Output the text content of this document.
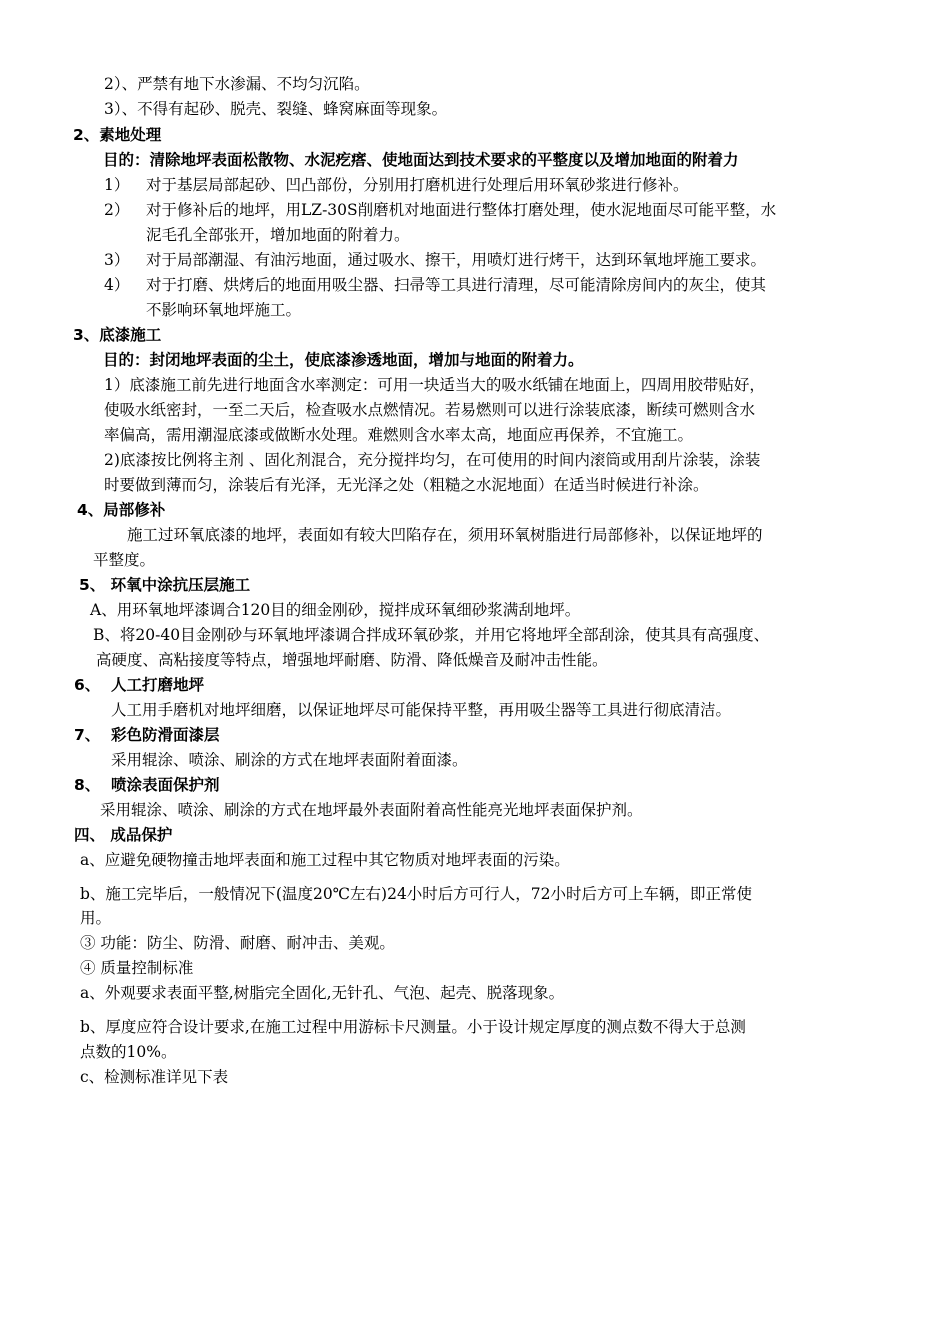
2）、严禁有地下水渗漏、不均匀沉陷。
3）、不得有起砂、脱壳、裂缝、蜂窝麻面等现象。
2、素地处理
目的：清除地坪表面松散物、水泥疙瘩、使地面达到技术要求的平整度以及增加地面的附着力
1） 对于基层局部起砂、凹凸部份，分别用打磨机进行处理后用环氧砂浆进行修补。
2） 对于修补后的地坪，用LZ-30S削磨机对地面进行整体打磨处理，使水泥地面尽可能平整，水
泥毛孔全部张开，增加地面的附着力。
3） 对于局部潮湿、有油污地面，通过吸水、擦干，用喷灯进行烤干，达到环氧地坪施工要求。
4） 对于打磨、烘烤后的地面用吸尘器、扫帚等工具进行清理，尽可能清除房间内的灰尘，使其
不影响环氧地坪施工。
3、底漆施工
目的：封闭地坪表面的尘土，使底漆渗透地面，增加与地面的附着力。
1）底漆施工前先进行地面含水率测定：可用一块适当大的吸水纸铺在地面上，四周用胶带贴好，
使吸水纸密封，一至二天后，检查吸水点燃情况。若易燃则可以进行涂装底漆，断续可燃则含水
率偏高，需用潮湿底漆或做断水处理。难燃则含水率太高，地面应再保养，不宜施工。
2)底漆按比例将主剂 、固化剂混合，充分搅拌均匀，在可使用的时间内滚筒或用刮片涂装，涂装
时要做到薄而匀，涂装后有光泽，无光泽之处（粗糙之水泥地面）在适当时候进行补涂。
4、局部修补
施工过环氧底漆的地坪，表面如有较大凹陷存在，须用环氧树脂进行局部修补，以保证地坪的
平整度。
5、 环氧中涂抗压层施工
A、用环氧地坪漆调合120目的细金刚砂，搅拌成环氧细砂浆满刮地坪。
B、将20-40目金刚砂与环氧地坪漆调合拌成环氧砂浆，并用它将地坪全部刮涂，使其具有高强度、
高硬度、高粘接度等特点，增强地坪耐磨、防滑、降低燥音及耐冲击性能。
6、 人工打磨地坪
人工用手磨机对地坪细磨，以保证地坪尽可能保持平整，再用吸尘器等工具进行彻底清洁。
7、 彩色防滑面漆层
采用辊涂、喷涂、刷涂的方式在地坪表面附着面漆。
8、 喷涂表面保护剂
采用辊涂、喷涂、刷涂的方式在地坪最外表面附着高性能亮光地坪表面保护剂。
四、 成品保护
a、应避免硬物撞击地坪表面和施工过程中其它物质对地坪表面的污染。
b、施工完毕后，一般情况下(温度20℃左右)24小时后方可行人，72小时后方可上车辆，即正常使
用。
③ 功能：防尘、防滑、耐磨、耐冲击、美观。
④ 质量控制标准
a、外观要求表面平整,树脂完全固化,无针孔、气泡、起壳、脱落现象。
b、厚度应符合设计要求,在施工过程中用游标卡尺测量。小于设计规定厚度的测点数不得大于总测
点数的10%。
c、检测标准详见下表
